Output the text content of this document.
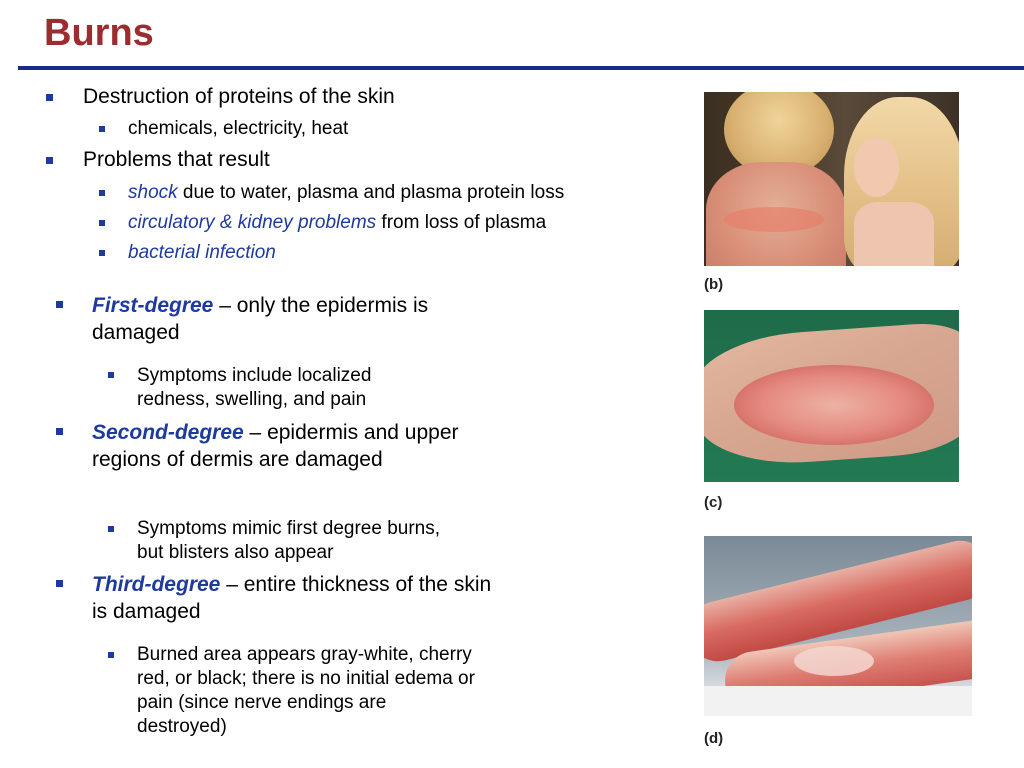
Burns
Destruction of proteins of the skin
chemicals, electricity, heat
Problems that result
shock due to water, plasma and plasma protein loss
circulatory & kidney problems from loss of plasma
bacterial infection
First-degree – only the epidermis is damaged
Symptoms include localized redness, swelling, and pain
Second-degree – epidermis and upper regions of dermis are damaged
Symptoms mimic first degree burns, but blisters also appear
Third-degree – entire thickness of the skin is damaged
Burned area appears gray-white, cherry red, or black; there is no initial edema or pain (since nerve endings are destroyed)
(b)
(c)
(d)
